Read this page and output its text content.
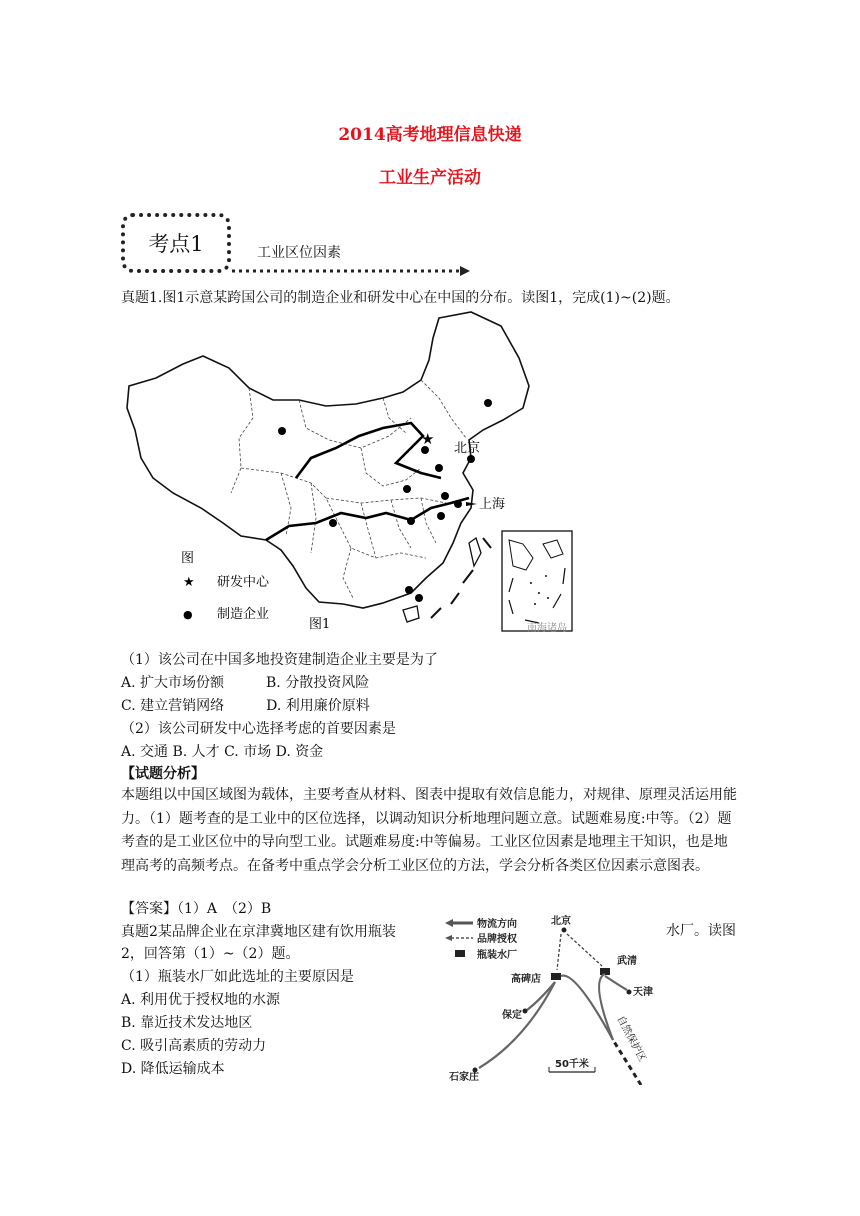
2014高考地理信息快递
工业生产活动
考点1	工业区位因素
真题1.图1示意某跨国公司的制造企业和研发中心在中国的分布。读图1，完成(1)~(2)题。
★
北京
上海
图
★ 研发中心
● 制造企业
图1	南海诸岛
（1）该公司在中国多地投资建制造企业主要是为了
A. 扩大市场份额　　　B. 分散投资风险
C. 建立营销网络　　　D. 利用廉价原料
（2）该公司研发中心选择考虑的首要因素是
A. 交通 B. 人才 C. 市场 D. 资金
【试题分析】
本题组以中国区域图为载体，主要考查从材料、图表中提取有效信息能力，对规律、原理灵活运用能力。（1）题考查的是工业中的区位选择，以调动知识分析地理问题立意。试题难易度:中等。（2）题考查的是工业区位中的导向型工业。试题难易度:中等偏易。工业区位因素是地理主干知识，也是地理高考的高频考点。在备考中重点学会分析工业区位的方法，学会分析各类区位因素示意图表。
【答案】（1）A　（2）B
真题2某品牌企业在京津冀地区建有饮用瓶装	水厂。读图
2，回答第（1）~（2）题。
（1）瓶装水厂如此选址的主要原因是
A. 利用优于授权地的水源
B. 靠近技术发达地区
C. 吸引高素质的劳动力
D. 降低运输成本
物流方向
品牌授权
瓶装水厂
北京
高碑店
武清
天津
保定
石家庄
50千米
自然保护区
